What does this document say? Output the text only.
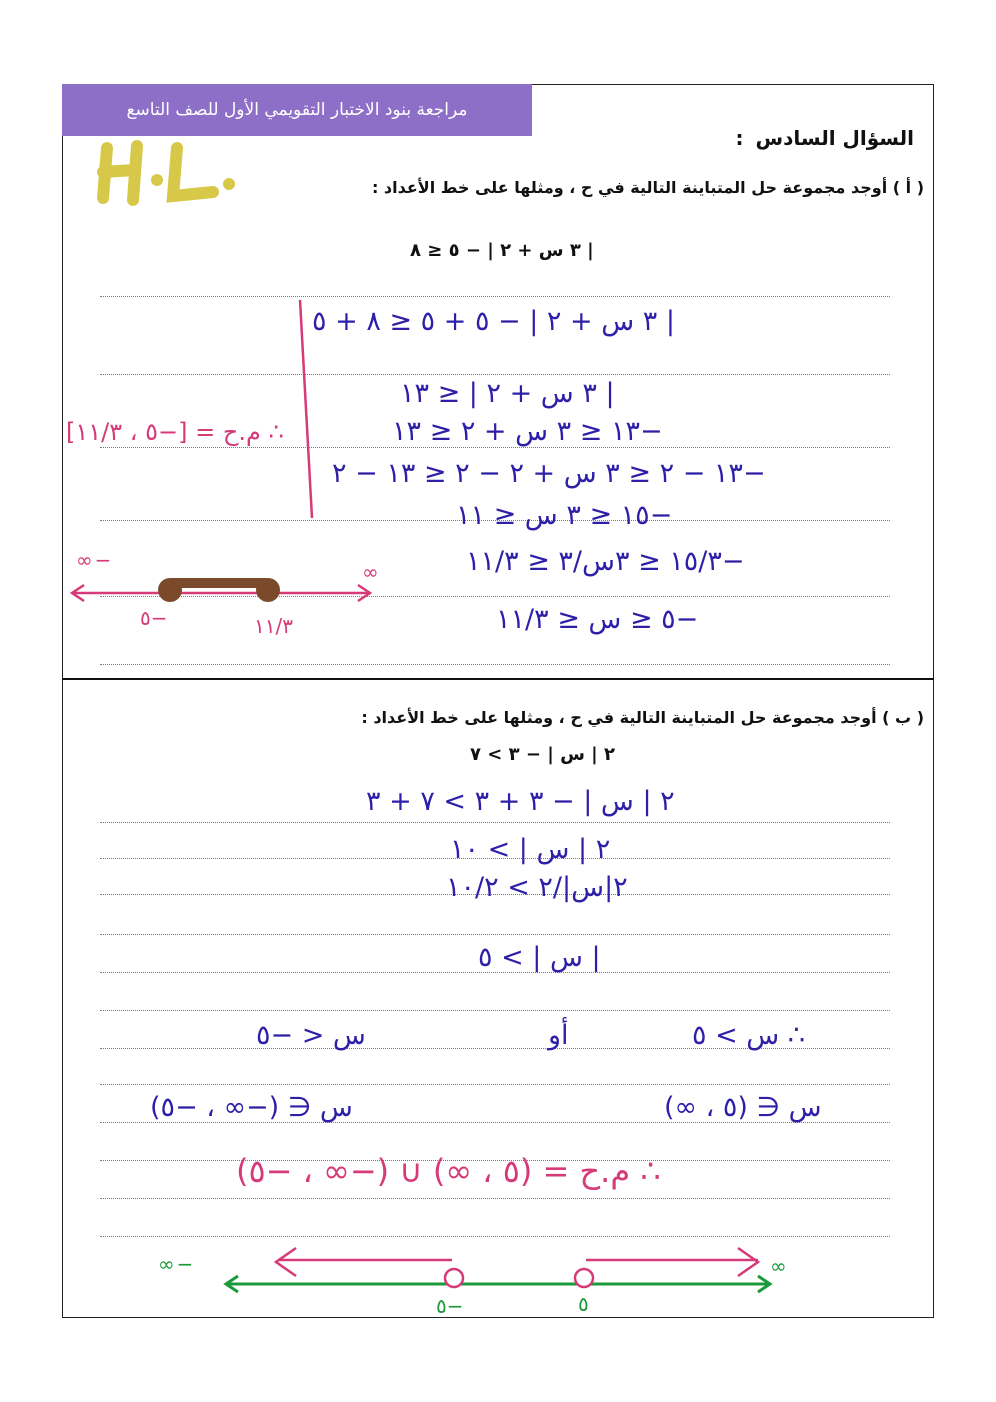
مراجعة بنود الاختبار التقويمي الأول للصف التاسع
H.L.	السؤال السادس:
( أ ) أوجد مجموعة حل المتباينة التالية في ح ، ومثلها على خط الأعداد :
| ٣ س + ٢ | − ٥ ≤ ٨
| ٣ س + ٢ | − ٥ + ٥ ≤ ٨ + ٥
| ٣ س + ٢ | ≤ ١٣
−١٣ ≤ ٣ س + ٢ ≤ ١٣
−١٣ − ٢ ≤ ٣ س + ٢ − ٢ ≤ ١٣ − ٢
−١٥ ≤ ٣ س ≤ ١١
−١٥/٣ ≤ ٣س/٣ ≤ ١١/٣
−٥ ≤ س ≤ ١١/٣
∴ م.ح = [−٥ ، ١١/٣]
( ب ) أوجد مجموعة حل المتباينة التالية في ح ، ومثلها على خط الأعداد :
٢ | س | − ٣ > ٧
٢ | س | − ٣ + ٣ > ٧ + ٣
٢ | س | > ١٠
٢|س|/٢ > ١٠/٢
| س | > ٥
∴ س > ٥
أو
س < −٥
س ∈ (٥ ، ∞)
س ∈ (−∞ ، −٥)
∴ م.ح = (٥ ، ∞) ∪ (−∞ ، −٥)
−∞	∞
−٥	١١/٣
−∞	∞
−٥	٥
